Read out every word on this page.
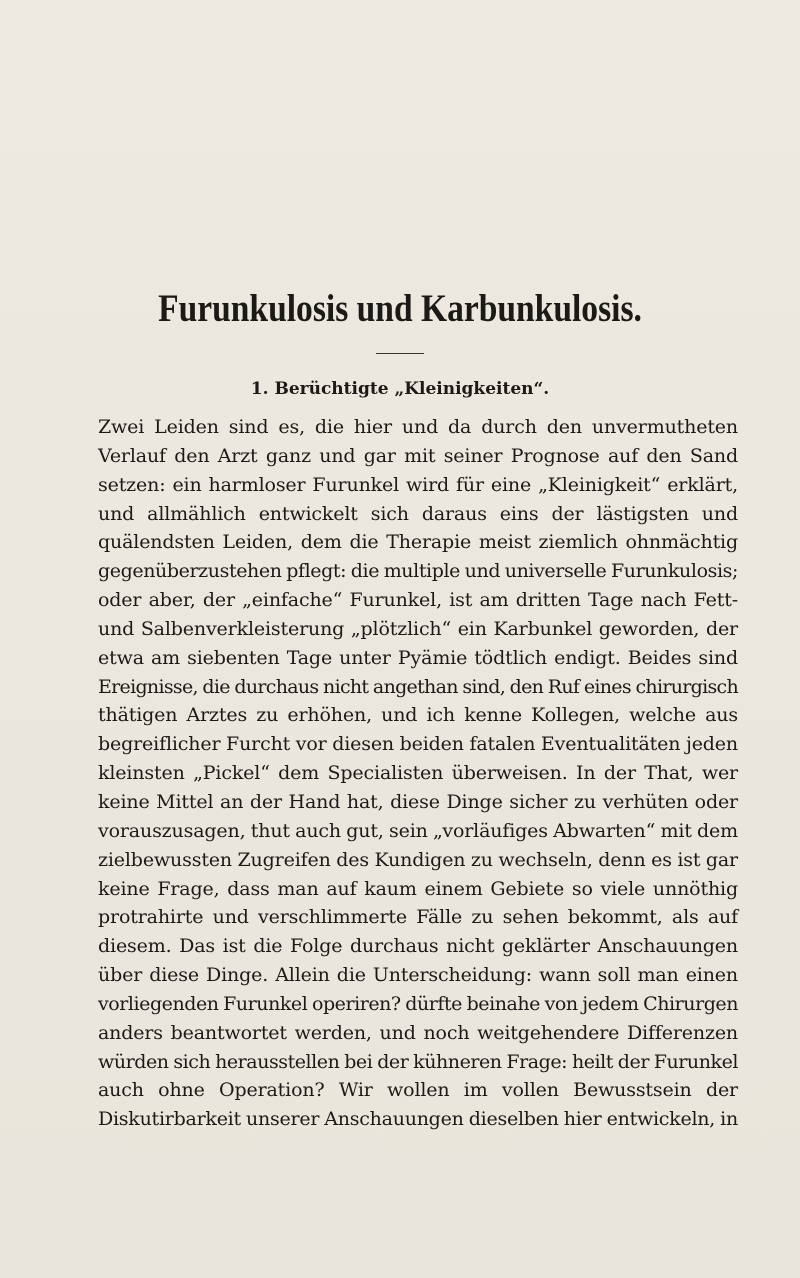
Furunkulosis und Karbunkulosis.
1. Berüchtigte „Kleinigkeiten“.
Zwei Leiden sind es, die hier und da durch den unvermutheten
Verlauf den Arzt ganz und gar mit seiner Prognose auf den Sand
setzen: ein harmloser Furunkel wird für eine „Kleinigkeit“ erklärt,
und allmählich entwickelt sich daraus eins der lästigsten und
quälendsten Leiden, dem die Therapie meist ziemlich ohnmächtig
gegenüberzustehen pflegt: die multiple und universelle Furunkulosis;
oder aber, der „einfache“ Furunkel, ist am dritten Tage nach Fett-
und Salbenverkleisterung „plötzlich“ ein Karbunkel geworden, der
etwa am siebenten Tage unter Pyämie tödtlich endigt. Beides sind
Ereignisse, die durchaus nicht angethan sind, den Ruf eines chirurgisch
thätigen Arztes zu erhöhen, und ich kenne Kollegen, welche aus
begreiflicher Furcht vor diesen beiden fatalen Eventualitäten jeden
kleinsten „Pickel“ dem Specialisten überweisen. In der That, wer
keine Mittel an der Hand hat, diese Dinge sicher zu verhüten oder
vorauszusagen, thut auch gut, sein „vorläufiges Abwarten“ mit dem
zielbewussten Zugreifen des Kundigen zu wechseln, denn es ist gar
keine Frage, dass man auf kaum einem Gebiete so viele unnöthig
protrahirte und verschlimmerte Fälle zu sehen bekommt, als auf
diesem. Das ist die Folge durchaus nicht geklärter Anschauungen
über diese Dinge. Allein die Unterscheidung: wann soll man einen
vorliegenden Furunkel operiren? dürfte beinahe von jedem Chirurgen
anders beantwortet werden, und noch weitgehendere Differenzen
würden sich herausstellen bei der kühneren Frage: heilt der Furunkel
auch ohne Operation? Wir wollen im vollen Bewusstsein der
Diskutirbarkeit unserer Anschauungen dieselben hier entwickeln, in
